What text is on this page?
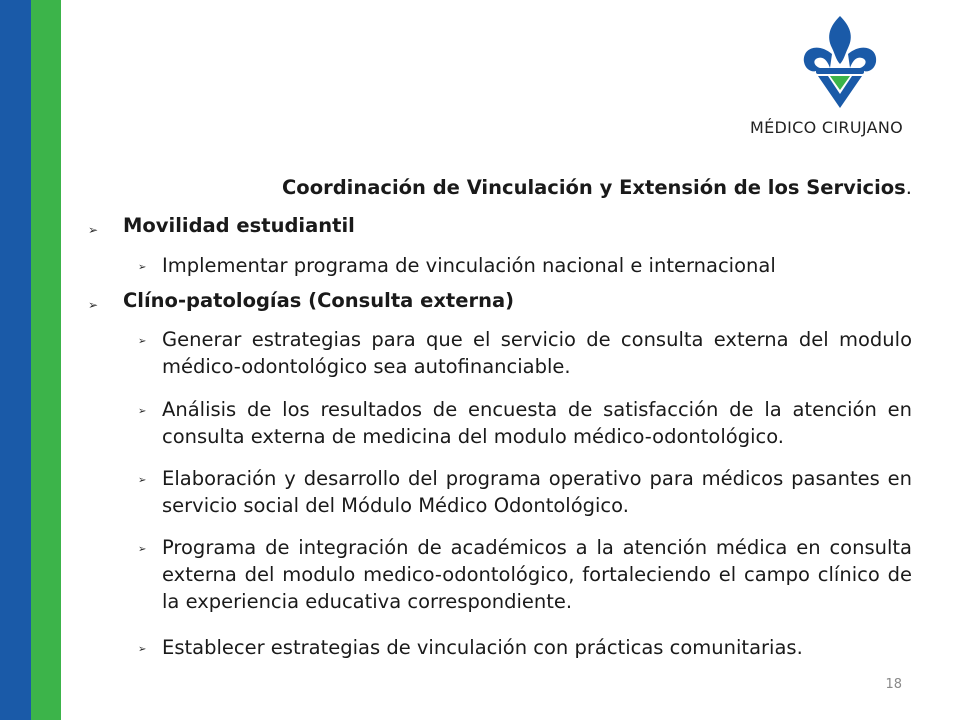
MÉDICO CIRUJANO
Coordinación de Vinculación y Extensión de los Servicios.
➢ Movilidad estudiantil
➢ Implementar programa de vinculación nacional e internacional
➢ Clíno-patologías (Consulta externa)
➢ Generar estrategias para que el servicio de consulta externa del modulo médico-odontológico sea autofinanciable.
➢ Análisis de los resultados de encuesta de satisfacción de la atención en consulta externa de medicina del modulo médico-odontológico.
➢ Elaboración y desarrollo del programa operativo para médicos pasantes en servicio social del Módulo Médico Odontológico.
➢ Programa de integración de académicos a la atención médica en consulta externa del modulo medico-odontológico, fortaleciendo el campo clínico de la experiencia educativa correspondiente.
➢ Establecer estrategias de vinculación con prácticas comunitarias.
18
